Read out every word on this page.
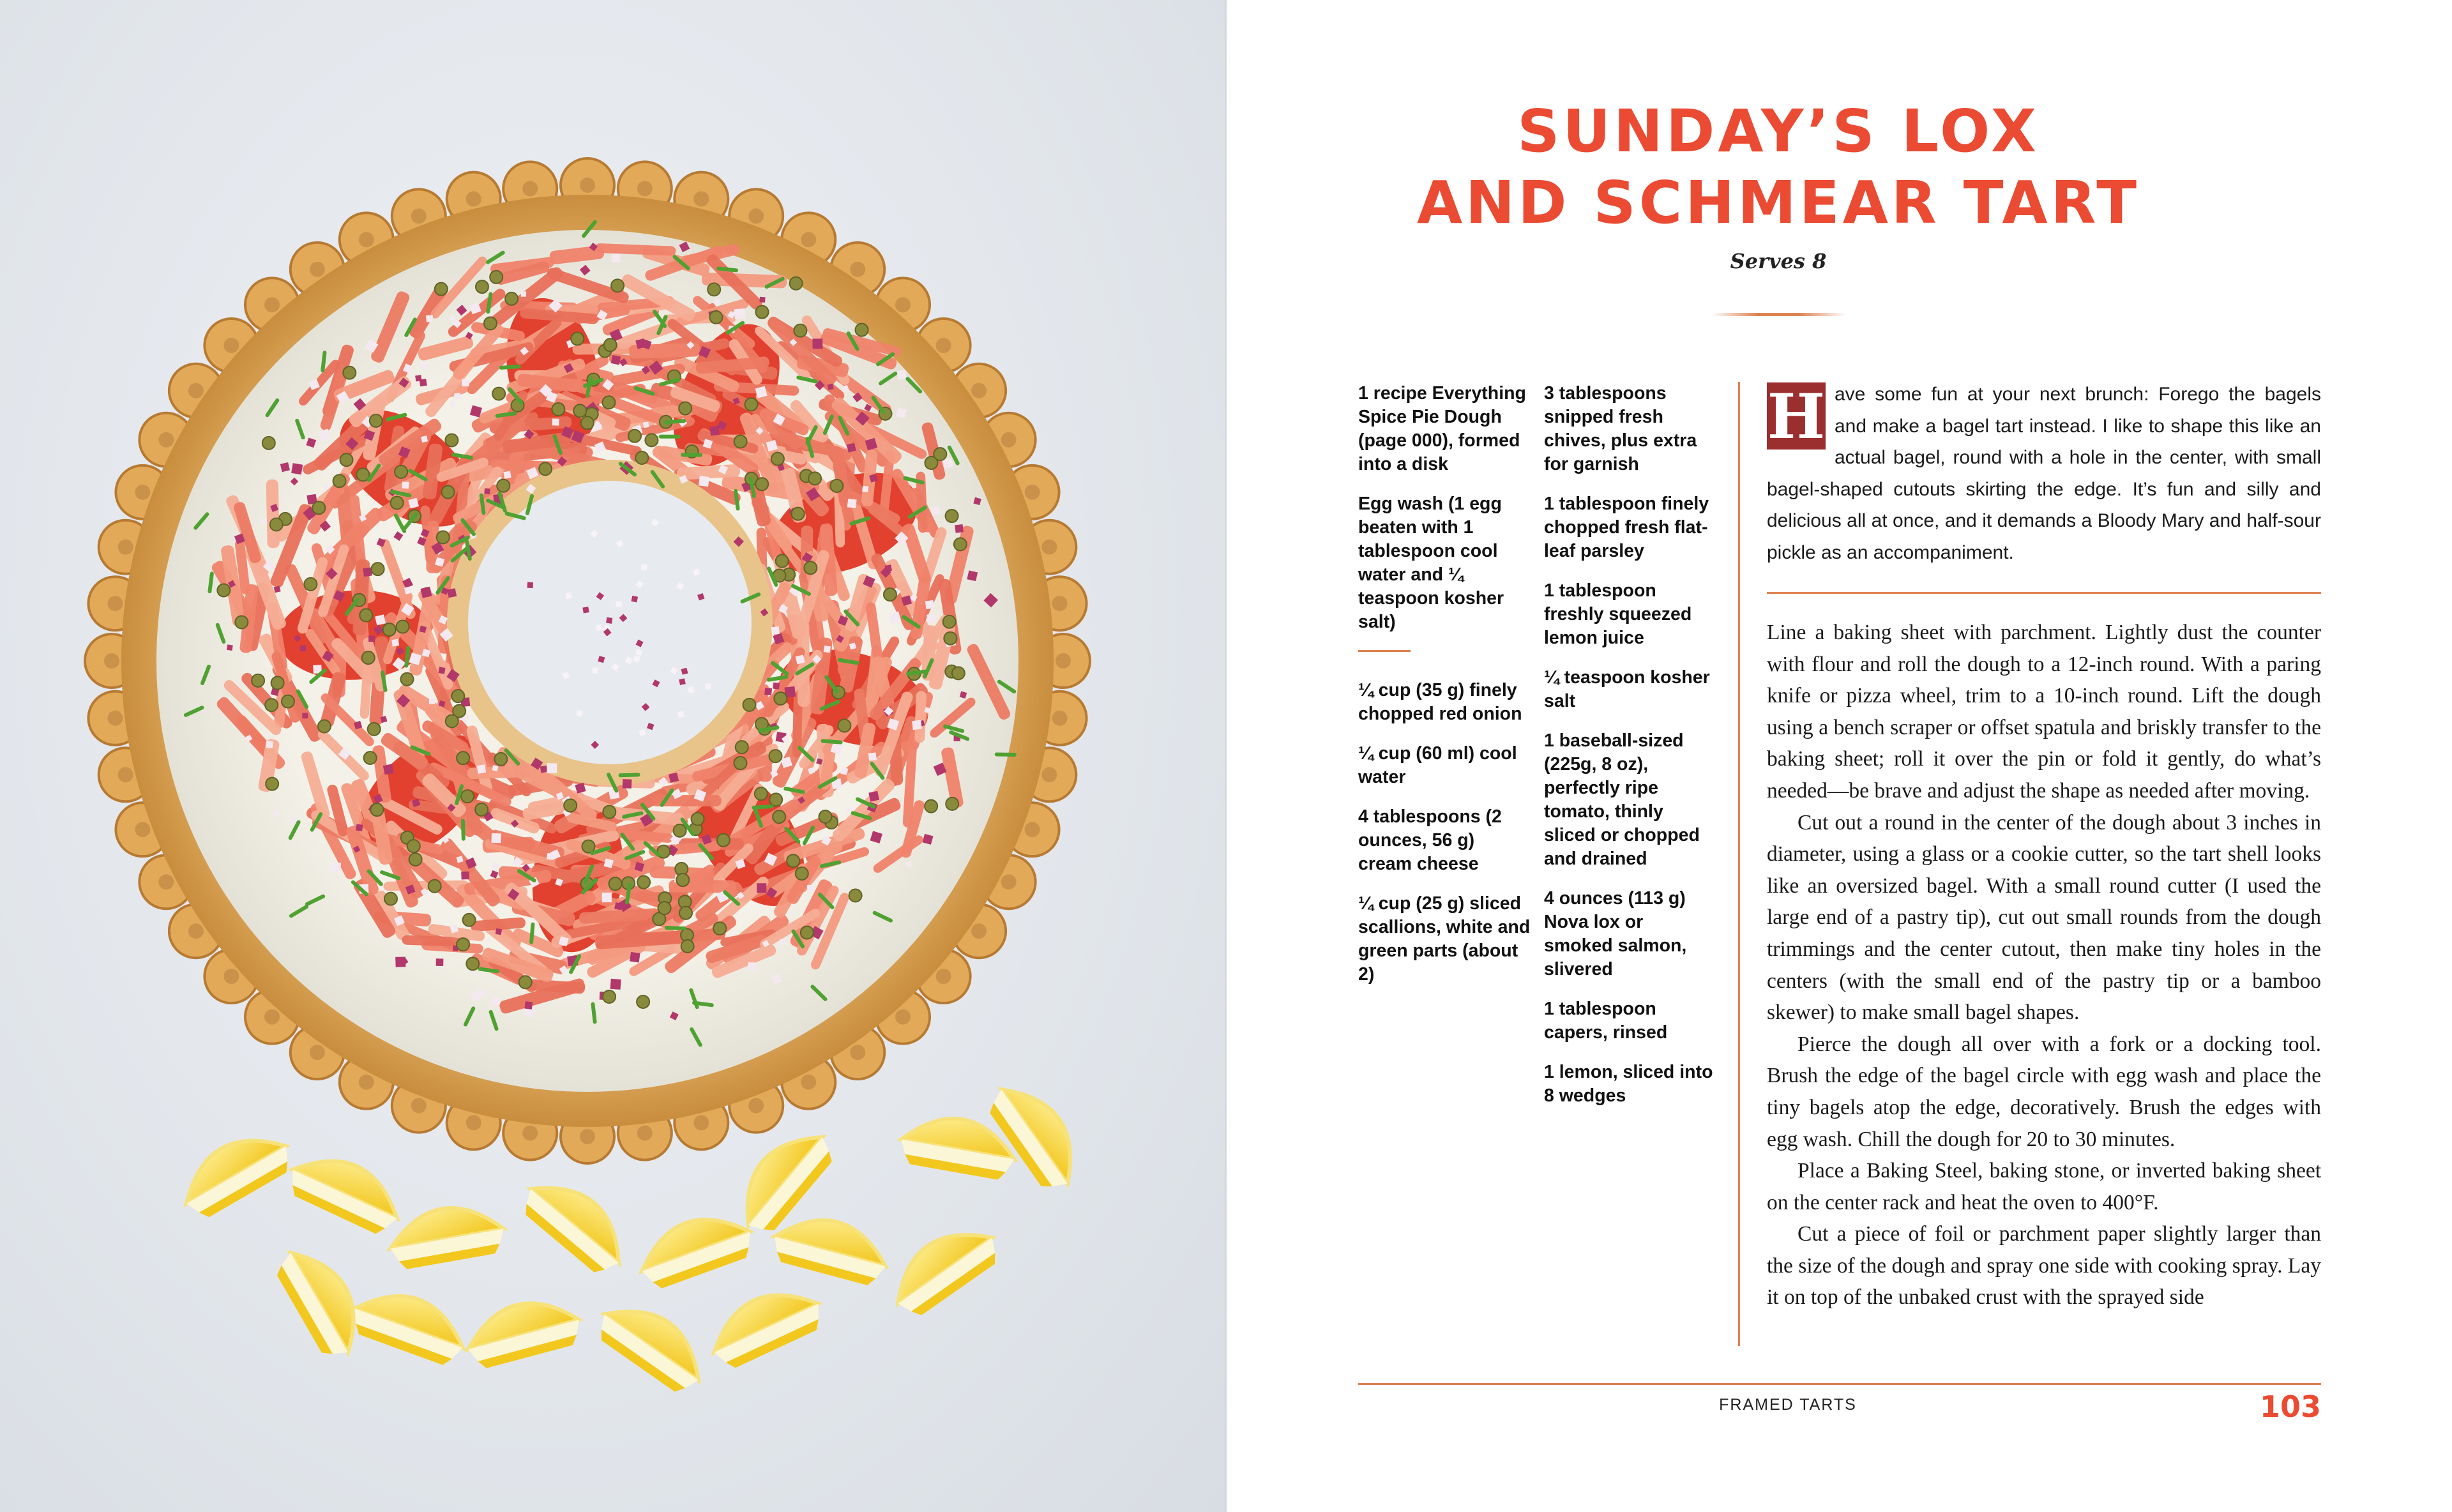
SUNDAY’S LOX
AND SCHMEAR TART
Serves 8
1 recipe Everything Spice Pie Dough (page 000), formed into a disk
Egg wash (1 egg beaten with 1 tablespoon cool water and ¼ teaspoon kosher salt)
¼ cup (35 g) finely chopped red onion
¼ cup (60 ml) cool water
4 tablespoons (2 ounces, 56 g) cream cheese
¼ cup (25 g) sliced scallions, white and green parts (about 2)
3 tablespoons snipped fresh chives, plus extra for garnish
1 tablespoon finely chopped fresh flat-leaf parsley
1 tablespoon freshly squeezed lemon juice
¼ teaspoon kosher salt
1 baseball-sized (225g, 8 oz), perfectly ripe tomato, thinly sliced or chopped and drained
4 ounces (113 g) Nova lox or smoked salmon, slivered
1 tablespoon capers, rinsed
1 lemon, sliced into 8 wedges
H ave some fun at your next brunch: Forego the bagels and make a bagel tart instead. I like to shape this like an actual bagel, round with a hole in the center, with small bagel-shaped cutouts skirting the edge. It’s fun and silly and delicious all at once, and it demands a Bloody Mary and half-sour pickle as an accompaniment.

Line a baking sheet with parchment. Lightly dust the counter with flour and roll the dough to a 12-inch round. With a paring knife or pizza wheel, trim to a 10-inch round. Lift the dough using a bench scraper or offset spatula and briskly transfer to the baking sheet; roll it over the pin or fold it gently, do what’s needed—be brave and adjust the shape as needed after moving.

Cut out a round in the center of the dough about 3 inches in diameter, using a glass or a cookie cutter, so the tart shell looks like an oversized bagel. With a small round cutter (I used the large end of a pastry tip), cut out small rounds from the dough trimmings and the center cutout, then make tiny holes in the centers (with the small end of the pastry tip or a bamboo skewer) to make small bagel shapes.

Pierce the dough all over with a fork or a docking tool. Brush the edge of the bagel circle with egg wash and place the tiny bagels atop the edge, decoratively. Brush the edges with egg wash. Chill the dough for 20 to 30 minutes.

Place a Baking Steel, baking stone, or inverted baking sheet on the center rack and heat the oven to 400°F.

Cut a piece of foil or parchment paper slightly larger than the size of the dough and spray one side with cooking spray. Lay it on top of the unbaked crust with the sprayed side

FRAMED TARTS	103
